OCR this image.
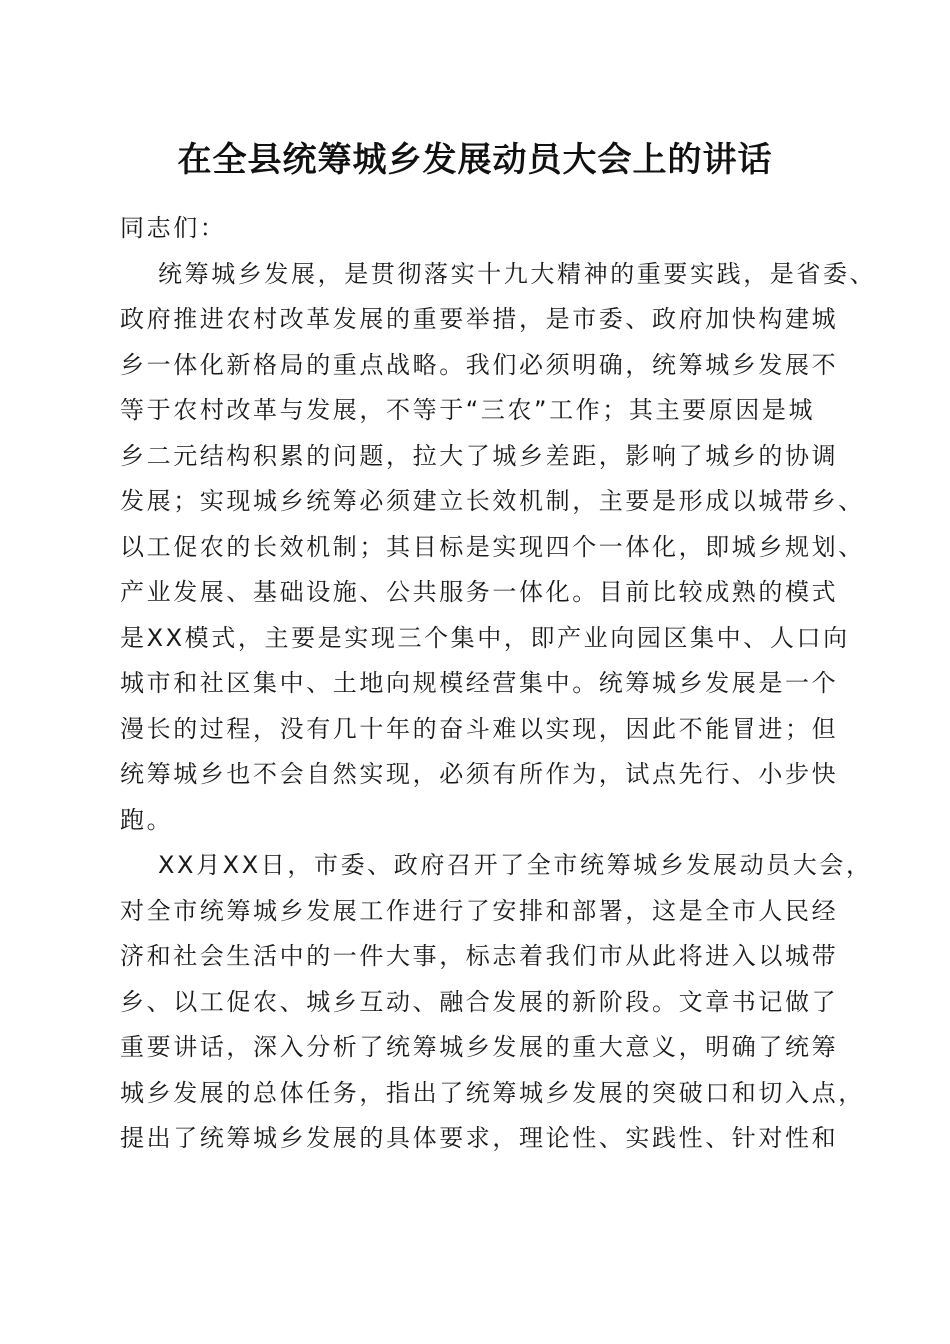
在全县统筹城乡发展动员大会上的讲话
同志们：
统筹城乡发展，是贯彻落实十九大精神的重要实践，是省委、
政府推进农村改革发展的重要举措，是市委、政府加快构建城
乡一体化新格局的重点战略。我们必须明确，统筹城乡发展不
等于农村改革与发展，不等于“三农”工作；其主要原因是城
乡二元结构积累的问题，拉大了城乡差距，影响了城乡的协调
发展；实现城乡统筹必须建立长效机制，主要是形成以城带乡、
以工促农的长效机制；其目标是实现四个一体化，即城乡规划、
产业发展、基础设施、公共服务一体化。目前比较成熟的模式
是XX模式，主要是实现三个集中，即产业向园区集中、人口向
城市和社区集中、土地向规模经营集中。统筹城乡发展是一个
漫长的过程，没有几十年的奋斗难以实现，因此不能冒进；但
统筹城乡也不会自然实现，必须有所作为，试点先行、小步快
跑。
XX月XX日，市委、政府召开了全市统筹城乡发展动员大会，
对全市统筹城乡发展工作进行了安排和部署，这是全市人民经
济和社会生活中的一件大事，标志着我们市从此将进入以城带
乡、以工促农、城乡互动、融合发展的新阶段。文章书记做了
重要讲话，深入分析了统筹城乡发展的重大意义，明确了统筹
城乡发展的总体任务，指出了统筹城乡发展的突破口和切入点，
提出了统筹城乡发展的具体要求，理论性、实践性、针对性和
